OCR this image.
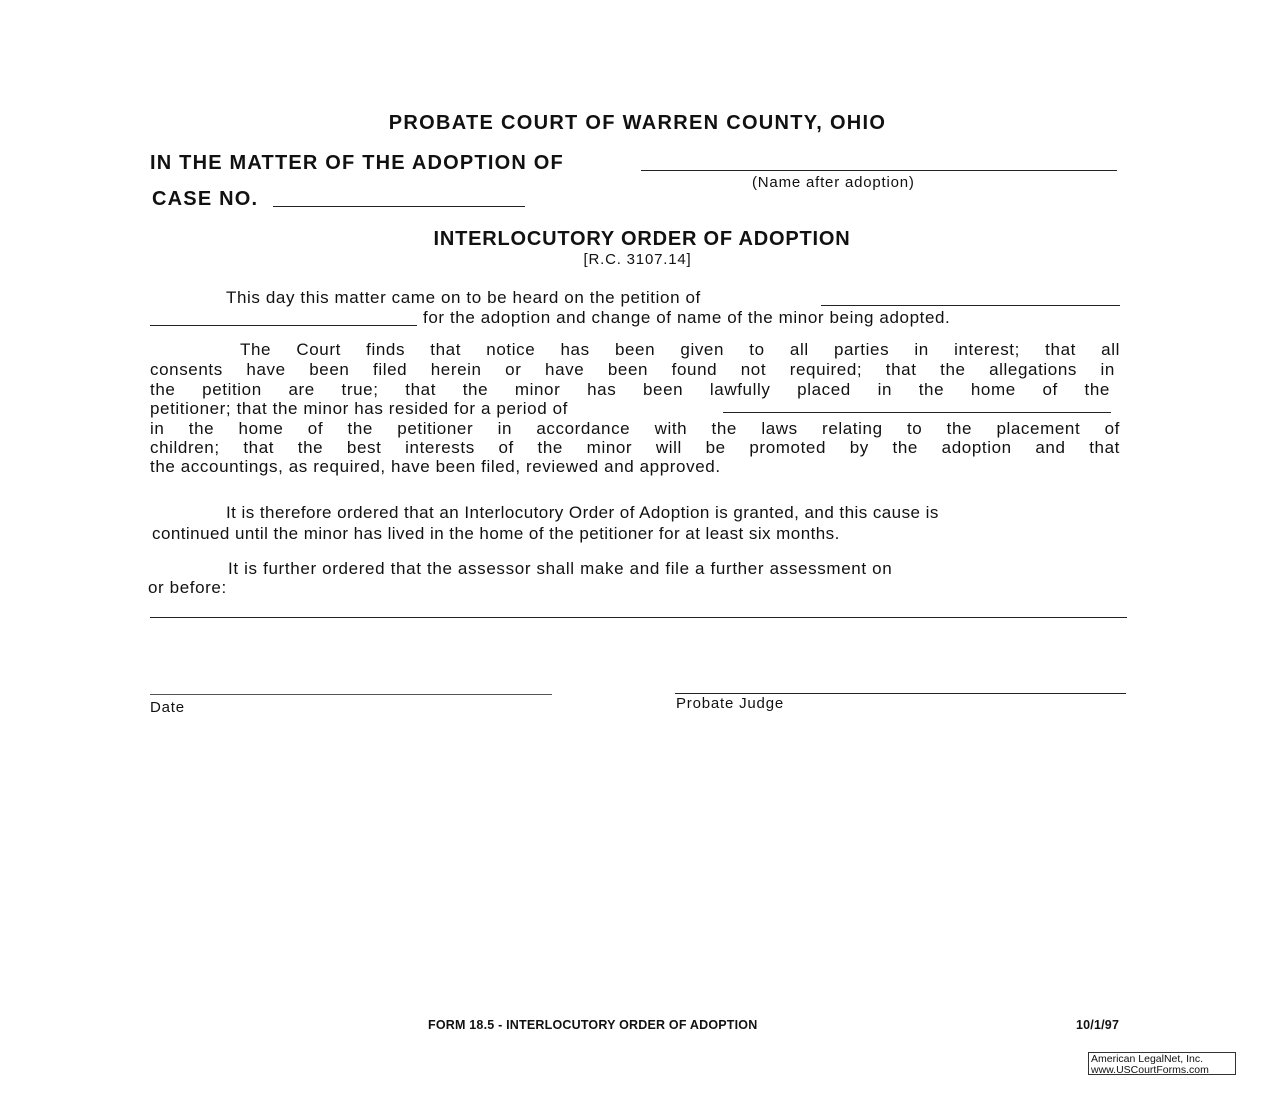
PROBATE COURT OF WARREN COUNTY, OHIO
IN THE MATTER OF THE ADOPTION OF
(Name after adoption)
CASE NO.
INTERLOCUTORY ORDER OF ADOPTION
[R.C. 3107.14]
This day this matter came on to be heard on the petition of
for the adoption and change of name of the minor being adopted.
The Court finds that notice has been given to all parties in interest; that all
consents have been filed herein or have been found not required; that the allegations in
the petition are true; that the minor has been lawfully placed in the home of the
petitioner; that the minor has resided for a period of
in the home of the petitioner in accordance with the laws relating to the placement of
children; that the best interests of the minor will be promoted by the adoption and that
the accountings, as required, have been filed, reviewed and approved.
It is therefore ordered that an Interlocutory Order of Adoption is granted, and this cause is
continued until the minor has lived in the home of the petitioner for at least six months.
It is further ordered that the assessor shall make and file a further assessment on
or before:
Date	Probate Judge
FORM 18.5 - INTERLOCUTORY ORDER OF ADOPTION	10/1/97
American LegalNet, Inc.
www.USCourtForms.com
